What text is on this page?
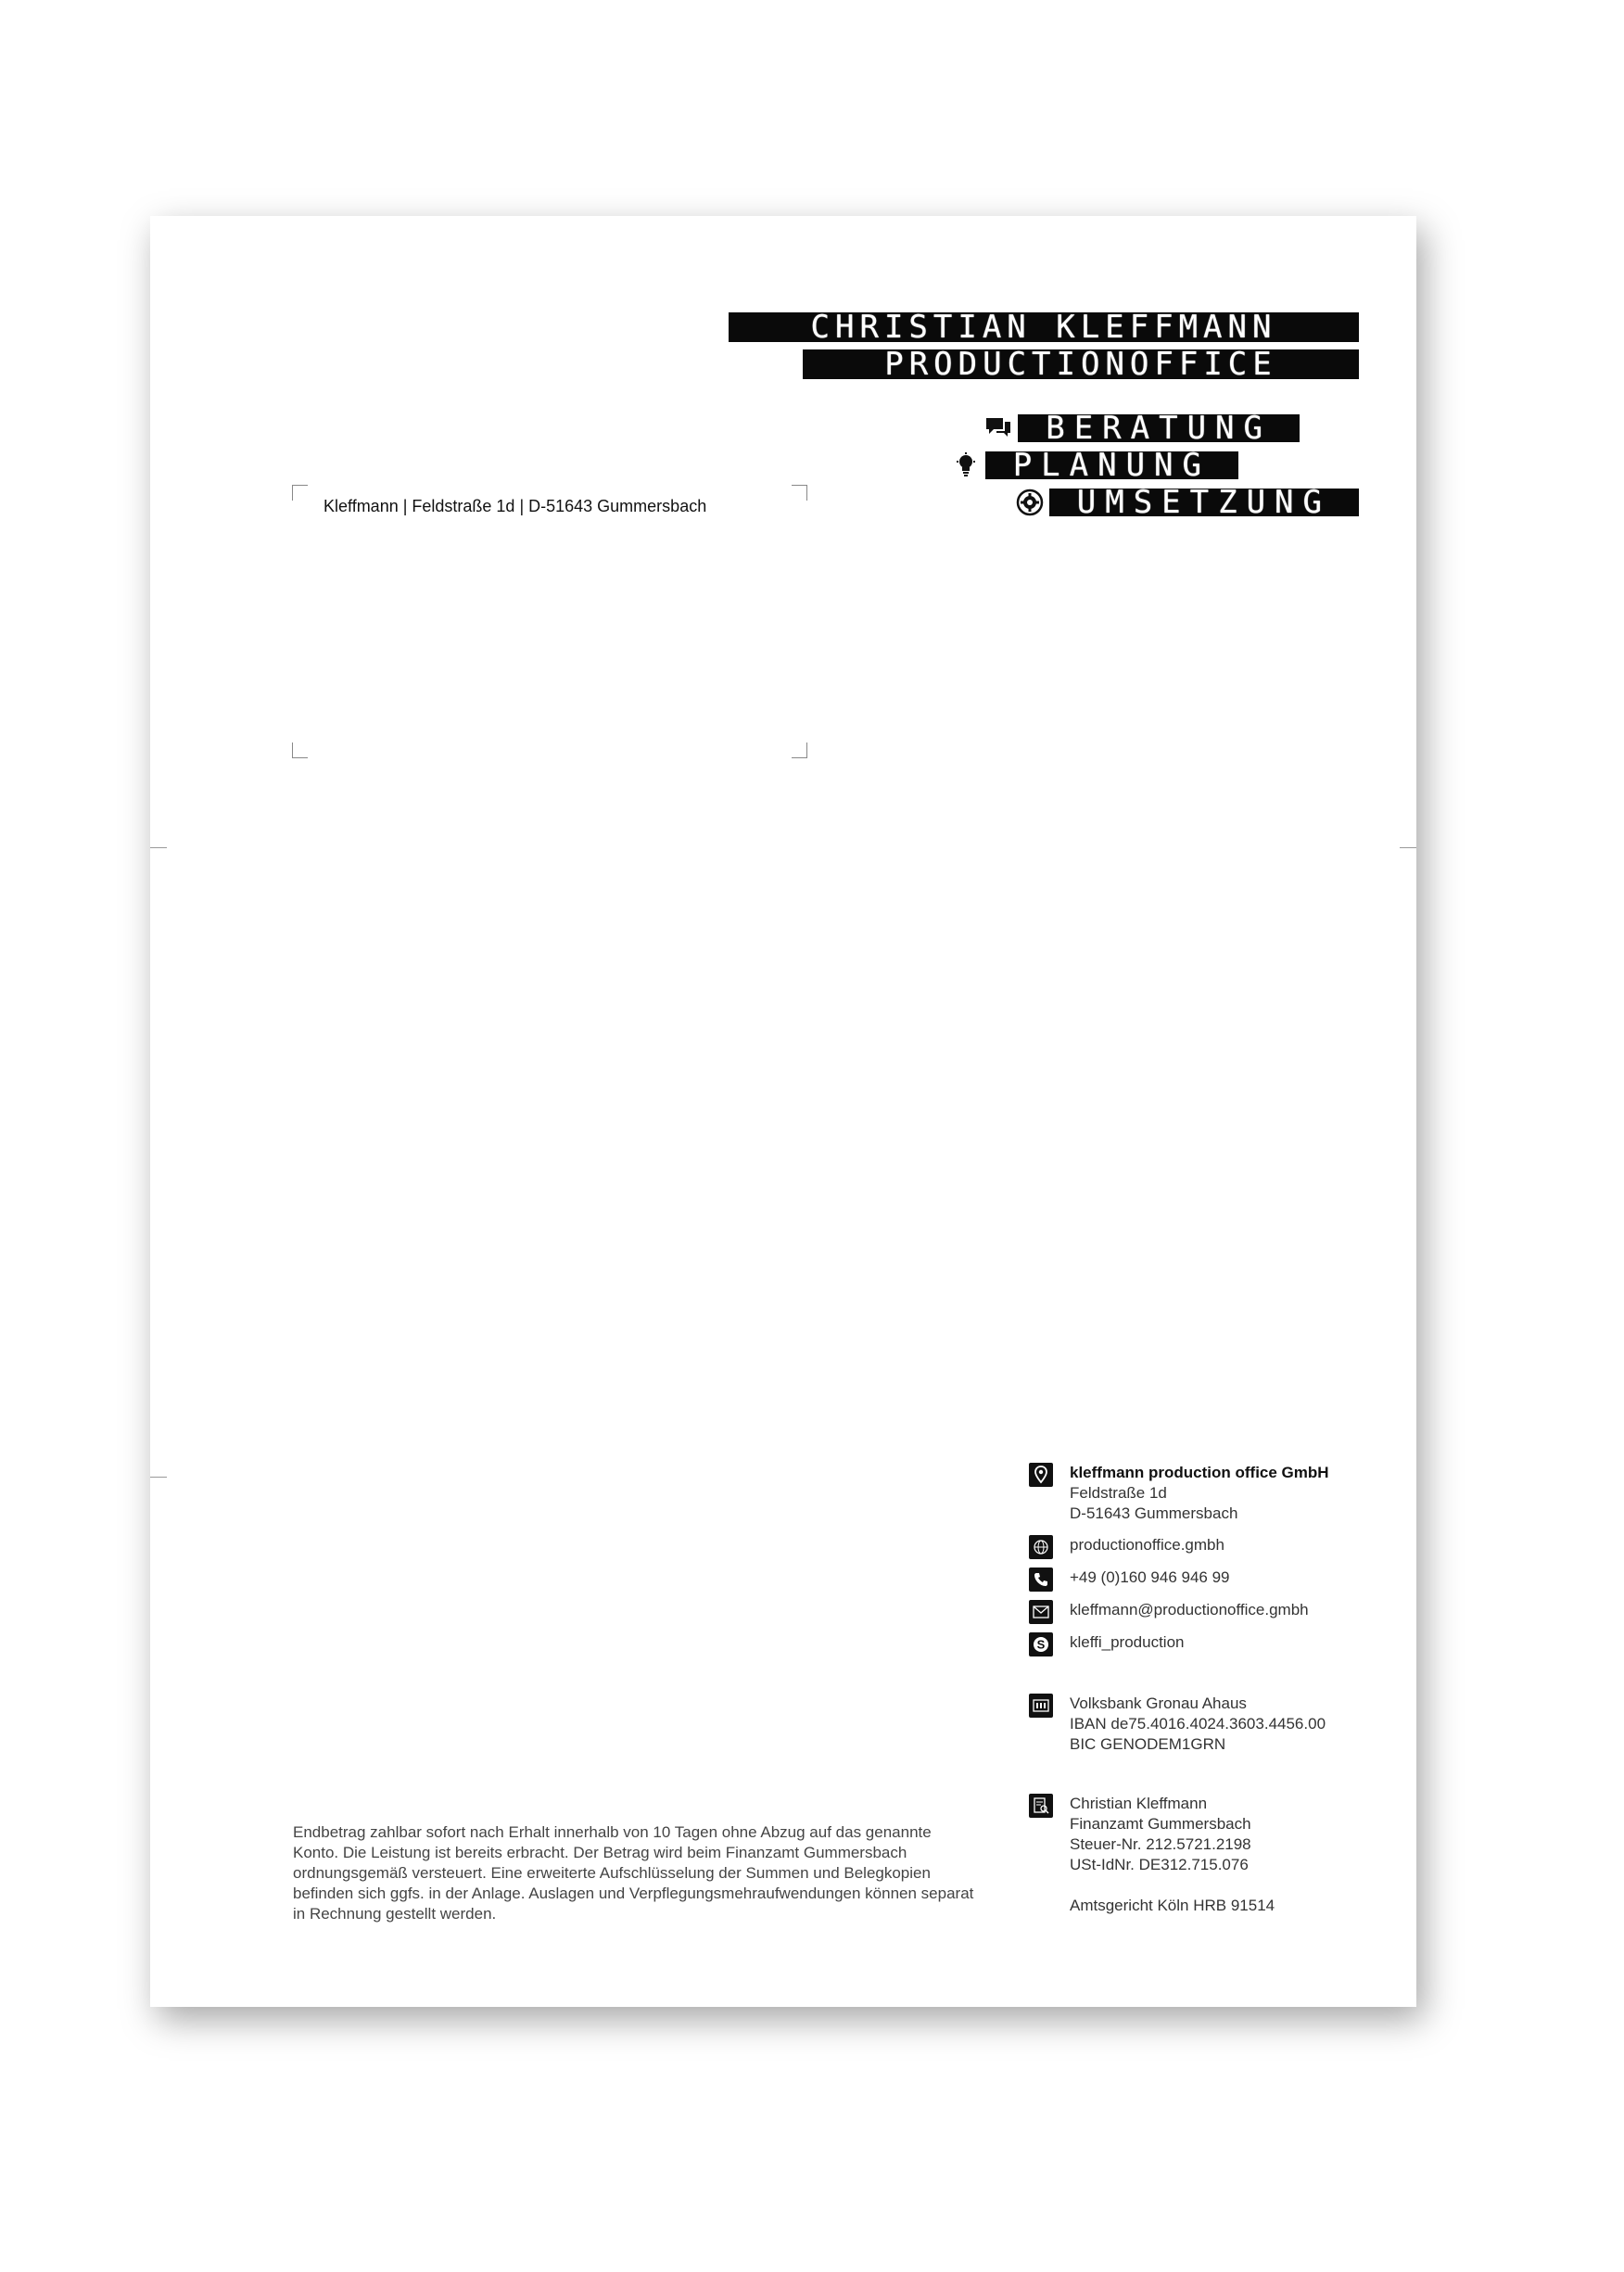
CHRISTIAN KLEFFMANN
PRODUCTIONOFFICE
BERATUNG
PLANUNG
UMSETZUNG
Kleffmann | Feldstraße 1d | D-51643 Gummersbach
kleffmann production office GmbH
Feldstraße 1d
D-51643 Gummersbach
productionoffice.gmbh
+49 (0)160 946 946 99
kleffmann@productionoffice.gmbh
S kleffi_production
Volksbank Gronau Ahaus
IBAN de75.4016.4024.3603.4456.00
BIC GENODEM1GRN
Christian Kleffmann
Finanzamt Gummersbach
Steuer-Nr. 212.5721.2198
USt-IdNr. DE312.715.076
Amtsgericht Köln HRB 91514
Endbetrag zahlbar sofort nach Erhalt innerhalb von 10 Tagen ohne Abzug auf das genannte Konto. Die Leistung ist bereits erbracht. Der Betrag wird beim Finanzamt Gummersbach ordnungsgemäß versteuert. Eine erweiterte Aufschlüsselung der Summen und Belegkopien befinden sich ggfs. in der Anlage. Auslagen und Verpflegungsmehraufwendungen können separat in Rechnung gestellt werden.
